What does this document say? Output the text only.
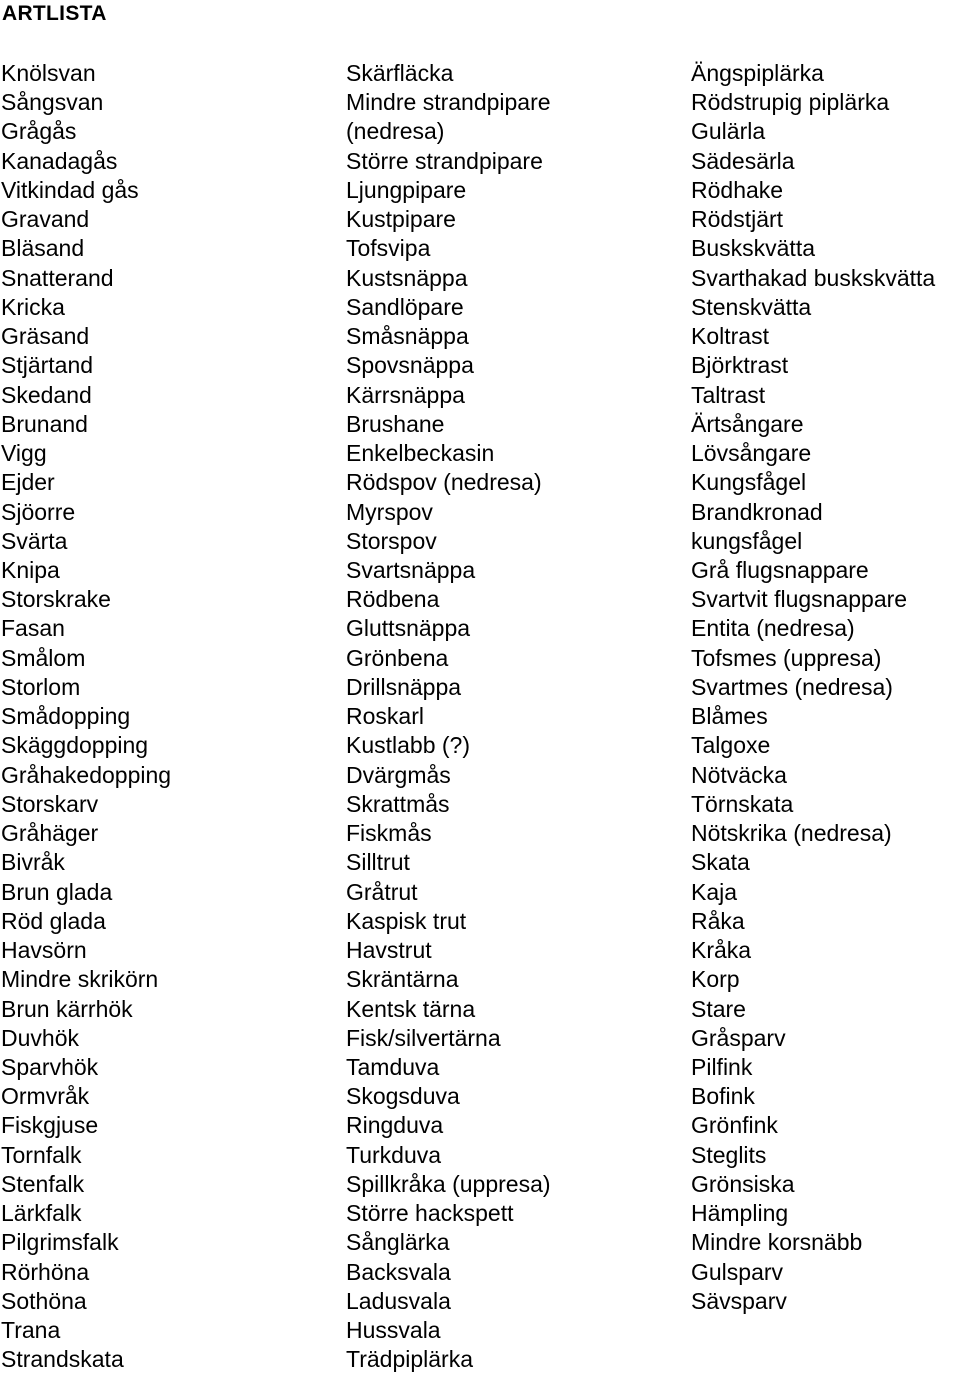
ARTLISTA
Knölsvan
Sångsvan
Grågås
Kanadagås
Vitkindad gås
Gravand
Bläsand
Snatterand
Kricka
Gräsand
Stjärtand
Skedand
Brunand
Vigg
Ejder
Sjöorre
Svärta
Knipa
Storskrake
Fasan
Smålom
Storlom
Smådopping
Skäggdopping
Gråhakedopping
Storskarv
Gråhäger
Bivråk
Brun glada
Röd glada
Havsörn
Mindre skrikörn
Brun kärrhök
Duvhök
Sparvhök
Ormvråk
Fiskgjuse
Tornfalk
Stenfalk
Lärkfalk
Pilgrimsfalk
Rörhöna
Sothöna
Trana
Strandskata
Skärfläcka
Mindre strandpipare
(nedresa)
Större strandpipare
Ljungpipare
Kustpipare
Tofsvipa
Kustsnäppa
Sandlöpare
Småsnäppa
Spovsnäppa
Kärrsnäppa
Brushane
Enkelbeckasin
Rödspov (nedresa)
Myrspov
Storspov
Svartsnäppa
Rödbena
Gluttsnäppa
Grönbena
Drillsnäppa
Roskarl
Kustlabb (?)
Dvärgmås
Skrattmås
Fiskmås
Silltrut
Gråtrut
Kaspisk trut
Havstrut
Skräntärna
Kentsk tärna
Fisk/silvertärna
Tamduva
Skogsduva
Ringduva
Turkduva
Spillkråka (uppresa)
Större hackspett
Sånglärka
Backsvala
Ladusvala
Hussvala
Trädpiplärka
Ängspiplärka
Rödstrupig piplärka
Gulärla
Sädesärla
Rödhake
Rödstjärt
Buskskvätta
Svarthakad buskskvätta
Stenskvätta
Koltrast
Björktrast
Taltrast
Ärtsångare
Lövsångare
Kungsfågel
Brandkronad
kungsfågel
Grå flugsnappare
Svartvit flugsnappare
Entita (nedresa)
Tofsmes (uppresa)
Svartmes (nedresa)
Blåmes
Talgoxe
Nötväcka
Törnskata
Nötskrika (nedresa)
Skata
Kaja
Råka
Kråka
Korp
Stare
Gråsparv
Pilfink
Bofink
Grönfink
Steglits
Grönsiska
Hämpling
Mindre korsnäbb
Gulsparv
Sävsparv
